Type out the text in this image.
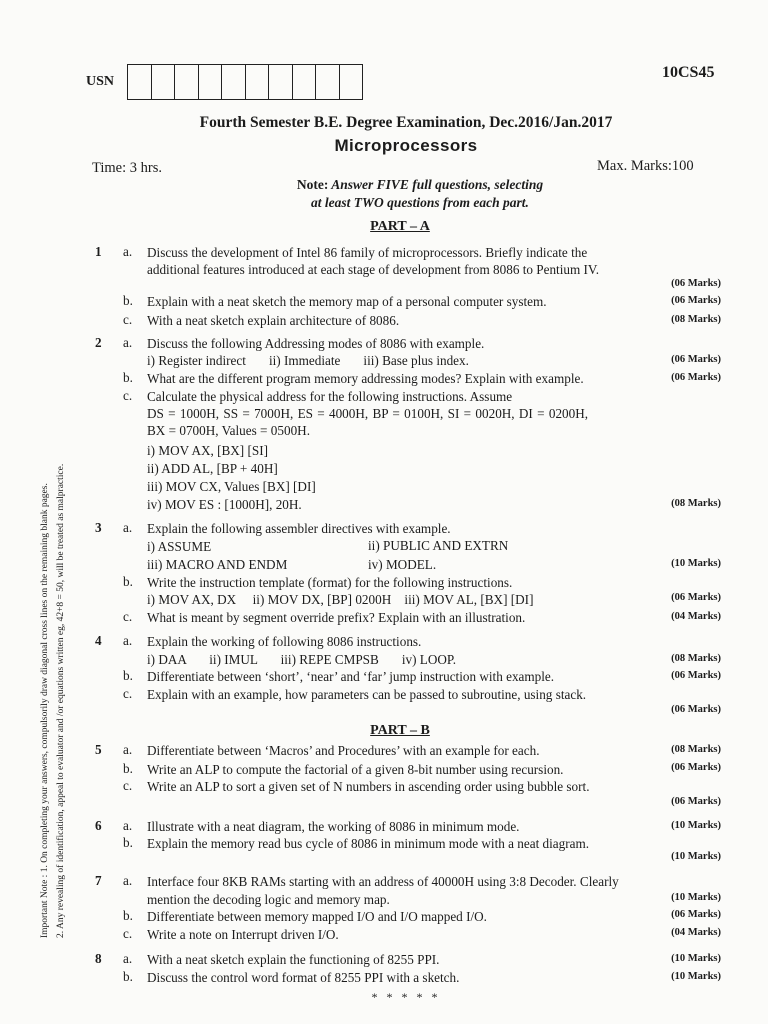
USN
10CS45
Fourth Semester B.E. Degree Examination, Dec.2016/Jan.2017
Microprocessors
Time: 3 hrs.	Max. Marks:100
Note: Answer FIVE full questions, selecting
at least TWO questions from each part.
Important Note : 1. On completing your answers, compulsorily draw diagonal cross lines on the remaining blank pages. 2. Any revealing of identification, appeal to evaluator and /or equations written eg, 42+8 = 50, will be treated as malpractice.
PART – A
1 a. Discuss the development of Intel 86 family of microprocessors. Briefly indicate the
additional features introduced at each stage of development from 8086 to Pentium IV.
(06 Marks)
b. Explain with a neat sketch the memory map of a personal computer system.	(06 Marks)
c. With a neat sketch explain architecture of 8086.	(08 Marks)
2 a. Discuss the following Addressing modes of 8086 with example.
i) Register indirect       ii) Immediate       iii) Base plus index.	(06 Marks)
b. What are the different program memory addressing modes? Explain with example.	(06 Marks)
c. Calculate the physical address for the following instructions. Assume
DS = 1000H, SS = 7000H, ES = 4000H, BP = 0100H, SI = 0020H, DI = 0200H,
BX = 0700H, Values = 0500H.
i) MOV AX, [BX] [SI]
ii) ADD AL, [BP + 40H]
iii) MOV CX, Values [BX] [DI]
iv) MOV ES : [1000H], 20H.	(08 Marks)
3 a. Explain the following assembler directives with example.
i) ASSUME	ii) PUBLIC AND EXTRN
iii) MACRO AND ENDM	iv) MODEL.	(10 Marks)
b. Write the instruction template (format) for the following instructions.
i) MOV AX, DX     ii) MOV DX, [BP] 0200H    iii) MOV AL, [BX] [DI]	(06 Marks)
c. What is meant by segment override prefix? Explain with an illustration.	(04 Marks)
4 a. Explain the working of following 8086 instructions.
i) DAA       ii) IMUL       iii) REPE CMPSB       iv) LOOP.	(08 Marks)
b. Differentiate between ‘short’, ‘near’ and ‘far’ jump instruction with example.	(06 Marks)
c. Explain with an example, how parameters can be passed to subroutine, using stack.
(06 Marks)
PART – B
5 a. Differentiate between ‘Macros’ and Procedures’ with an example for each.	(08 Marks)
b. Write an ALP to compute the factorial of a given 8-bit number using recursion.	(06 Marks)
c. Write an ALP to sort a given set of N numbers in ascending order using bubble sort.
(06 Marks)
6 a. Illustrate with a neat diagram, the working of 8086 in minimum mode.	(10 Marks)
b. Explain the memory read bus cycle of 8086 in minimum mode with a neat diagram.
(10 Marks)
7 a. Interface four 8KB RAMs starting with an address of 40000H using 3:8 Decoder. Clearly
mention the decoding logic and memory map.	(10 Marks)
b. Differentiate between memory mapped I/O and I/O mapped I/O.	(06 Marks)
c. Write a note on Interrupt driven I/O.	(04 Marks)
8 a. With a neat sketch explain the functioning of 8255 PPI.	(10 Marks)
b. Discuss the control word format of 8255 PPI with a sketch.	(10 Marks)
* * * * *
